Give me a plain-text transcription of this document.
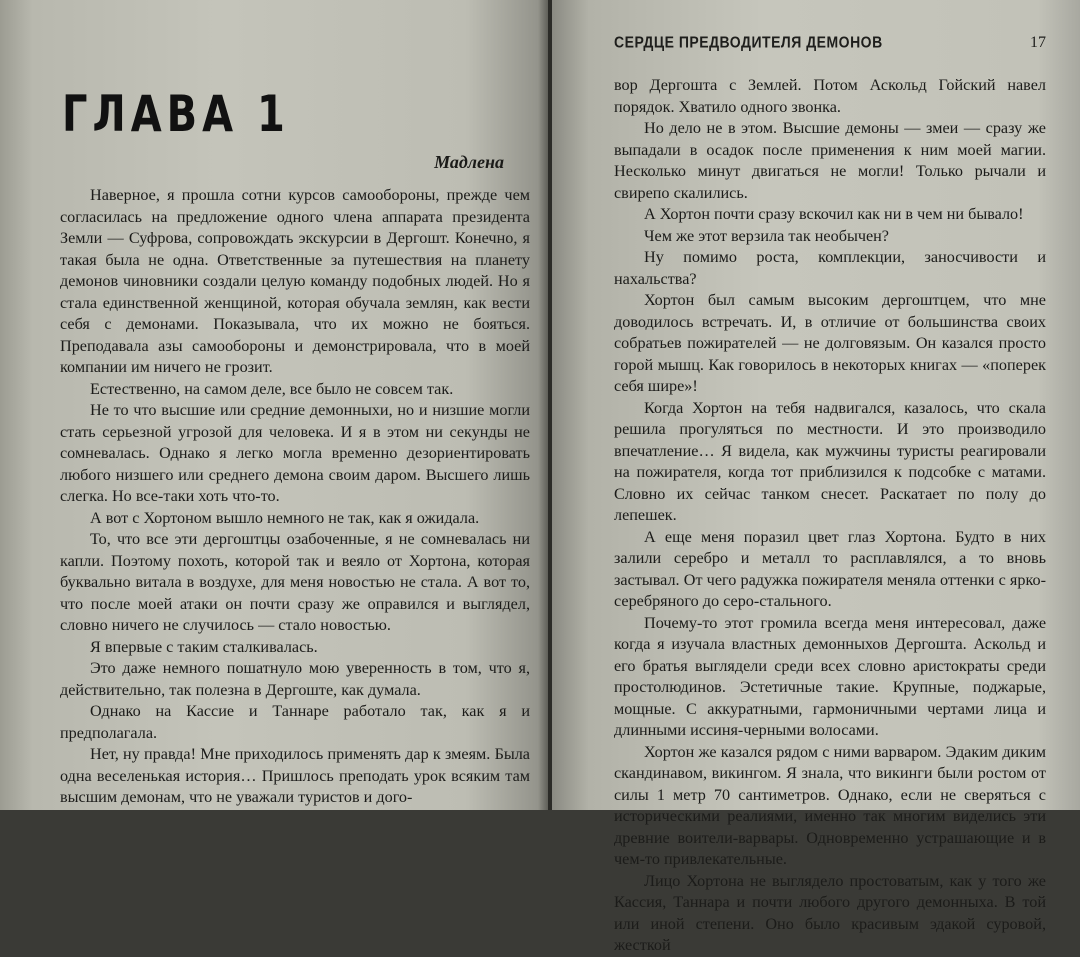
ГЛАВА 1
Мадлена

Наверное, я прошла сотни курсов самообороны, прежде чем согласилась на предложение одного члена аппарата президента Земли — Суфрова, сопровождать экскурсии в Дергошт. Конечно, я такая была не одна. Ответственные за путешествия на планету демонов чиновники создали целую команду подобных людей. Но я стала единственной женщиной, которая обучала землян, как вести себя с демонами. Показывала, что их можно не бояться. Преподавала азы самообороны и демонстрировала, что в моей компании им ничего не грозит.

Естественно, на самом деле, все было не совсем так.

Не то что высшие или средние демонныхи, но и низшие могли стать серьезной угрозой для человека. И я в этом ни секунды не сомневалась. Однако я легко могла временно дезориентировать любого низшего или среднего демона своим даром. Высшего лишь слегка. Но все-таки хоть что-то.

А вот с Хортоном вышло немного не так, как я ожидала.

То, что все эти дергоштцы озабоченные, я не сомневалась ни капли. Поэтому похоть, которой так и веяло от Хортона, которая буквально витала в воздухе, для меня новостью не стала. А вот то, что после моей атаки он почти сразу же оправился и выглядел, словно ничего не случилось — стало новостью.

Я впервые с таким сталкивалась.

Это даже немного пошатнуло мою уверенность в том, что я, действительно, так полезна в Дергоште, как думала.

Однако на Кассие и Таннаре работало так, как я и предполагала.

Нет, ну правда! Мне приходилось применять дар к змеям. Была одна веселенькая история… Пришлось преподать урок всяким там высшим демонам, что не уважали туристов и дого-

СЕРДЦЕ ПРЕДВОДИТЕЛЯ ДЕМОНОВ	17

вор Дергошта с Землей. Потом Аскольд Гойский навел порядок. Хватило одного звонка.

Но дело не в этом. Высшие демоны — змеи — сразу же выпадали в осадок после применения к ним моей магии. Несколько минут двигаться не могли! Только рычали и свирепо скалились.

А Хортон почти сразу вскочил как ни в чем ни бывало!

Чем же этот верзила так необычен?

Ну помимо роста, комплекции, заносчивости и нахальства?

Хортон был самым высоким дергоштцем, что мне доводилось встречать. И, в отличие от большинства своих собратьев пожирателей — не долговязым. Он казался просто горой мышц. Как говорилось в некоторых книгах — «поперек себя шире»!

Когда Хортон на тебя надвигался, казалось, что скала решила прогуляться по местности. И это производило впечатление… Я видела, как мужчины туристы реагировали на пожирателя, когда тот приблизился к подсобке с матами. Словно их сейчас танком снесет. Раскатает по полу до лепешек.

А еще меня поразил цвет глаз Хортона. Будто в них залили серебро и металл то расплавлялся, а то вновь застывал. От чего радужка пожирателя меняла оттенки с ярко-серебряного до серо-стального.

Почему-то этот громила всегда меня интересовал, даже когда я изучала властных демонныхов Дергошта. Аскольд и его братья выглядели среди всех словно аристократы среди простолюдинов. Эстетичные такие. Крупные, поджарые, мощные. С аккуратными, гармоничными чертами лица и длинными иссиня-черными волосами.

Хортон же казался рядом с ними варваром. Эдаким диким скандинавом, викингом. Я знала, что викинги были ростом от силы 1 метр 70 сантиметров. Однако, если не сверяться с историческими реалиями, именно так многим виделись эти древние воители-варвары. Одновременно устрашающие и в чем-то привлекательные.

Лицо Хортона не выглядело простоватым, как у того же Кассия, Таннара и почти любого другого демонныха. В той или иной степени. Оно было красивым эдакой суровой, жесткой
